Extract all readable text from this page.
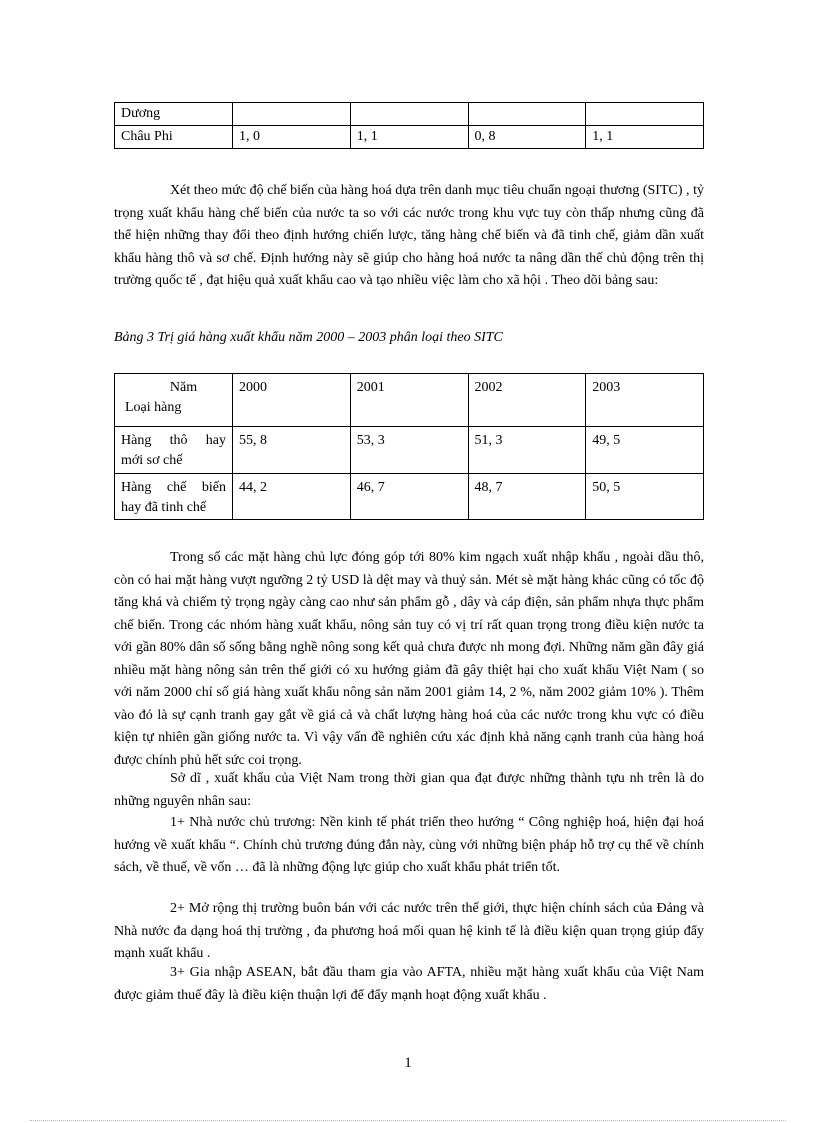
Dương				
Châu Phi	1, 0	1, 1	0, 8	1, 1
Xét theo mức độ chế biến của hàng hoá dựa trên danh mục tiêu chuẩn ngoại thương (SITC) , tỷ trọng xuất khẩu hàng chế biến của nước ta so với các nước trong khu vực tuy còn thấp nhưng cũng đã thể hiện những thay đổi theo định hướng chiến lược, tăng hàng chế biến và đã tinh chế, giảm dần xuất khẩu hàng thô và sơ chế. Định hướng này sẽ giúp cho hàng hoá nước ta nâng dần thế chủ động trên thị trường quốc tế , đạt hiệu quả xuất khẩu cao và tạo nhiều việc làm cho xã hội . Theo dõi bảng sau:
Bảng 3 Trị giá hàng xuất khẩu năm 2000 – 2003 phân loại theo SITC
Năm
Loại hàng	2000	2001	2002	2003

Hàng thô hay
mới sơ chế	55, 8	53, 3	51, 3	49, 5

Hàng chế biến
hay đã tinh chế	44, 2	46, 7	48, 7	50, 5
Trong số các mặt hàng chủ lực đóng góp tới 80% kim ngạch xuất nhập khẩu , ngoài dầu thô, còn có hai mặt hàng vượt ngưỡng 2 tỷ USD là dệt may và thuỷ sản. Mét sè mặt hàng khác cũng có tốc độ tăng khá và chiếm tỷ trọng ngày càng cao như sản phẩm gỗ , dây và cáp điện, sản phẩm nhựa thực phẩm chế biến. Trong các nhóm hàng xuất khẩu, nông sản tuy có vị trí rất quan trọng trong điều kiện nước ta với gần 80% dân số sống bằng nghề nông song kết quả chưa được nh mong đợi. Những năm gần đây giá nhiều mặt hàng nông sản trên thế giới có xu hướng giảm đã gây thiệt hại cho xuất khẩu Việt Nam ( so với năm 2000 chỉ số giá hàng xuất khẩu nông sản năm 2001 giảm 14, 2 %, năm 2002 giảm 10% ). Thêm vào đó là sự cạnh tranh gay gắt về giá cả và chất lượng hàng hoá của các nước trong khu vực có điều kiện tự nhiên gần giống nước ta. Vì vậy vấn đề nghiên cứu xác định khả năng cạnh tranh của hàng hoá được chính phủ hết sức coi trọng.
Sở dĩ , xuất khẩu của Việt Nam trong thời gian qua đạt được những thành tựu nh trên là do những nguyên nhân sau:
1+ Nhà nước chủ trương: Nền kinh tế phát triển theo hướng “ Công nghiệp hoá, hiện đại hoá hướng về xuất khẩu “. Chính chủ trương đúng đắn này, cùng với những biện pháp hỗ trợ cụ thể về chính sách, về thuế, về vốn … đã là những động lực giúp cho xuất khẩu phát triển tốt.
2+ Mở rộng thị trường buôn bán với các nước trên thế giới, thực hiện chính sách của Đảng và Nhà nước đa dạng hoá thị trường , đa phương hoá mối quan hệ kinh tế là điều kiện quan trọng giúp đẩy mạnh xuất khẩu .
3+ Gia nhập ASEAN, bắt đầu tham gia vào AFTA, nhiều mặt hàng xuất khẩu của Việt Nam được giảm thuế đây là điều kiện thuận lợi để đẩy mạnh hoạt động xuất khẩu .
1
